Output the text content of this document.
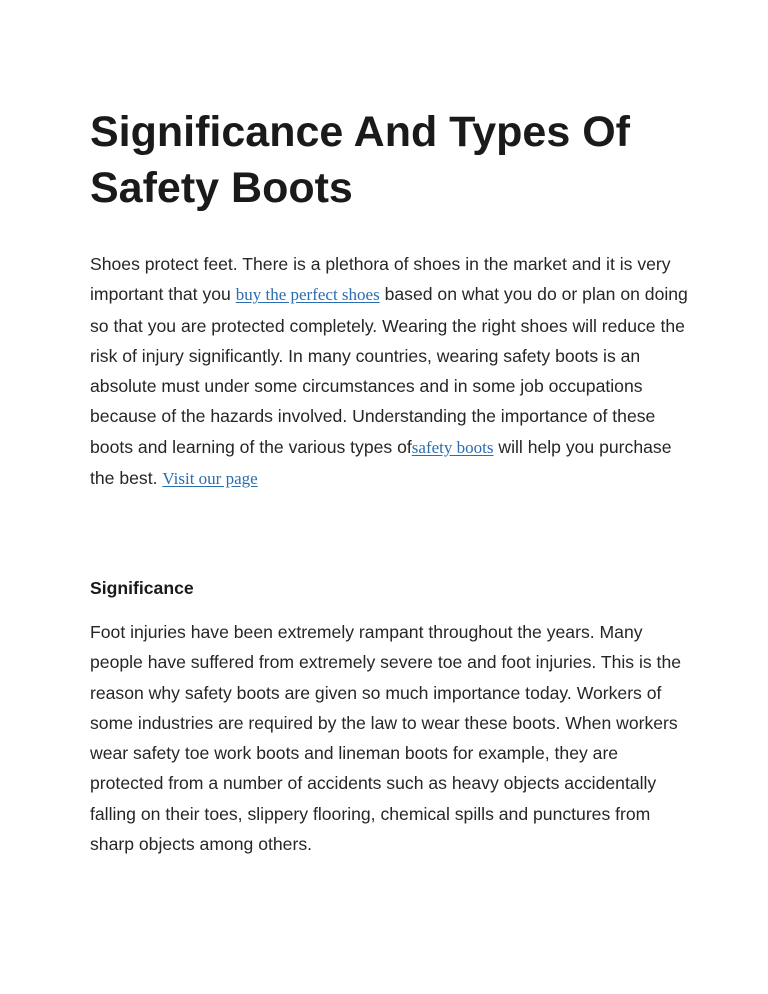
Significance And Types Of Safety Boots

Shoes protect feet. There is a plethora of shoes in the market and it is very important that you buy the perfect shoes based on what you do or plan on doing so that you are protected completely. Wearing the right shoes will reduce the risk of injury significantly. In many countries, wearing safety boots is an absolute must under some circumstances and in some job occupations because of the hazards involved. Understanding the importance of these boots and learning of the various types ofsafety boots will help you purchase the best. Visit our page

Significance

Foot injuries have been extremely rampant throughout the years. Many people have suffered from extremely severe toe and foot injuries. This is the reason why safety boots are given so much importance today. Workers of some industries are required by the law to wear these boots. When workers wear safety toe work boots and lineman boots for example, they are protected from a number of accidents such as heavy objects accidentally falling on their toes, slippery flooring, chemical spills and punctures from sharp objects among others.
